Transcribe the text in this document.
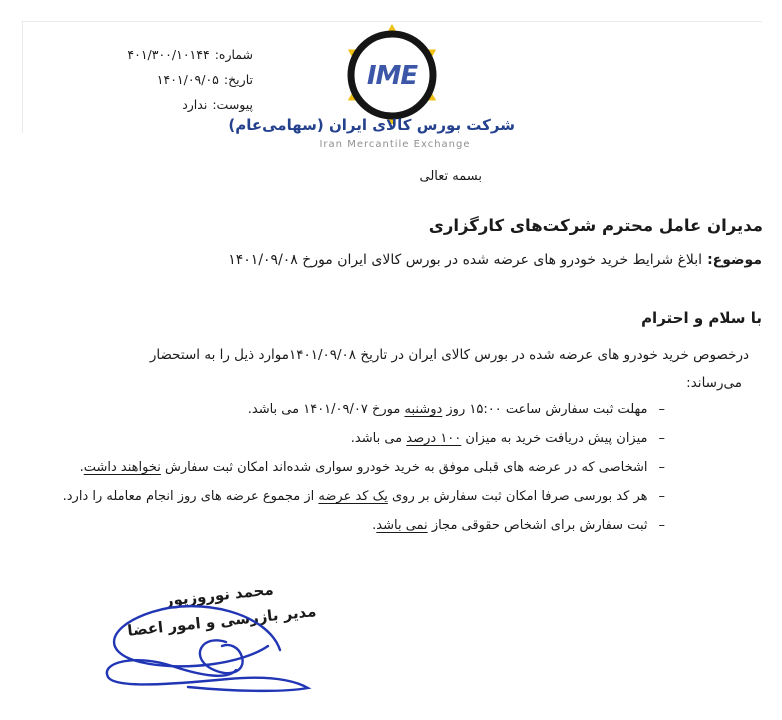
شماره:۴۰۱/۳۰۰/۱۰۱۴۴
تاریخ:۱۴۰۱/۰۹/۰۵
پیوست:ندارد
IME
شرکت بورس کالای ایران (سهامی‌عام)
Iran Mercantile Exchange
بسمه تعالی
مدیران عامل محترم شرکت‌های کارگزاری
موضوع:ابلاغ شرایط خرید خودرو های عرضه شده در بورس کالای ایران مورخ ۱۴۰۱/۰۹/۰۸
با سلام و احترام
درخصوص خرید خودرو های عرضه شده در بورس کالای ایران در تاریخ ۱۴۰۱/۰۹/۰۸موارد ذیل را به استحضار
می‌رساند:
–
مهلت ثبت سفارش ساعت ۱۵:۰۰ روز دوشنبه مورخ ۱۴۰۱/۰۹/۰۷ می باشد.
–
میزان پیش دریافت خرید به میزان ۱۰۰ درصد می باشد.
–
اشخاصی که در عرضه های قبلی موفق به خرید خودرو سواری شده‌اند امکان ثبت سفارش نخواهند داشت.
–
هر کد بورسی صرفا امکان ثبت سفارش بر روی یک کد عرضه از مجموع عرضه های روز انجام معامله را دارد.
–
ثبت سفارش برای اشخاص حقوقی مجاز نمی باشد.
محمد نوروزپور
مدیر بازرسی و امور اعضا
